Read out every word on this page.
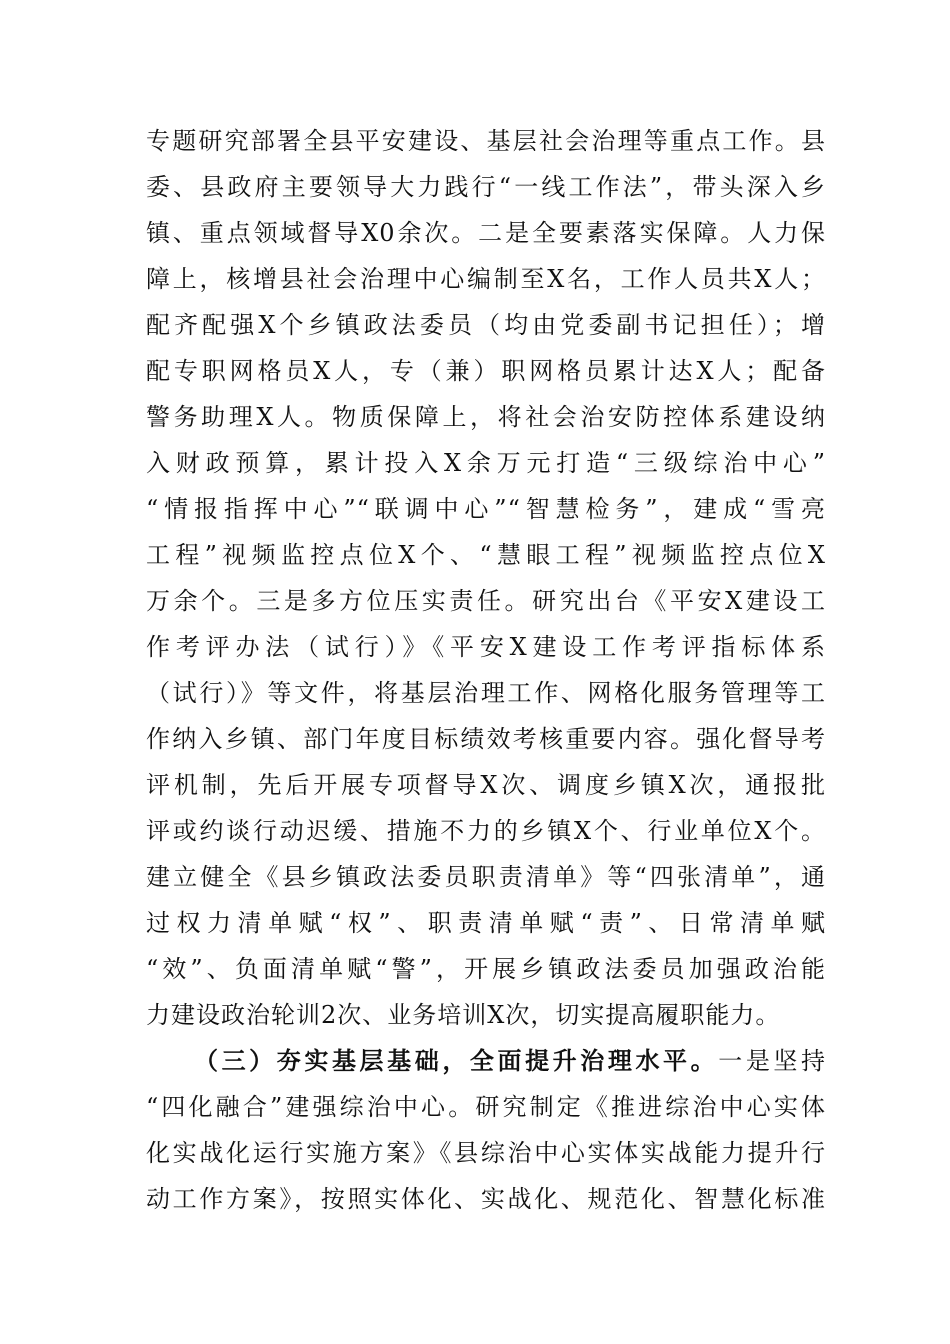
专题研究部署全县平安建设、基层社会治理等重点工作。县
委、县政府主要领导大力践行“一线工作法”，带头深入乡
镇、重点领域督导X0余次。二是全要素落实保障。人力保
障上，核增县社会治理中心编制至X名，工作人员共X人；
配齐配强X个乡镇政法委员（均由党委副书记担任）；增
配专职网格员X人，专（兼）职网格员累计达X人；配备
警务助理X人。物质保障上，将社会治安防控体系建设纳
入财政预算，累计投入X余万元打造“三级综治中心”
“情报指挥中心”“联调中心”“智慧检务”，建成“雪亮
工程”视频监控点位X个、“慧眼工程”视频监控点位X
万余个。三是多方位压实责任。研究出台《平安X建设工
作考评办法（试行）》《平安X建设工作考评指标体系
（试行）》等文件，将基层治理工作、网格化服务管理等工
作纳入乡镇、部门年度目标绩效考核重要内容。强化督导考
评机制，先后开展专项督导X次、调度乡镇X次，通报批
评或约谈行动迟缓、措施不力的乡镇X个、行业单位X个。
建立健全《县乡镇政法委员职责清单》等“四张清单”，通
过权力清单赋“权”、职责清单赋“责”、日常清单赋
“效”、负面清单赋“警”，开展乡镇政法委员加强政治能
力建设政治轮训2次、业务培训X次，切实提高履职能力。
（三）夯实基层基础，全面提升治理水平。一是坚持
“四化融合”建强综治中心。研究制定《推进综治中心实体
化实战化运行实施方案》《县综治中心实体实战能力提升行
动工作方案》，按照实体化、实战化、规范化、智慧化标准
